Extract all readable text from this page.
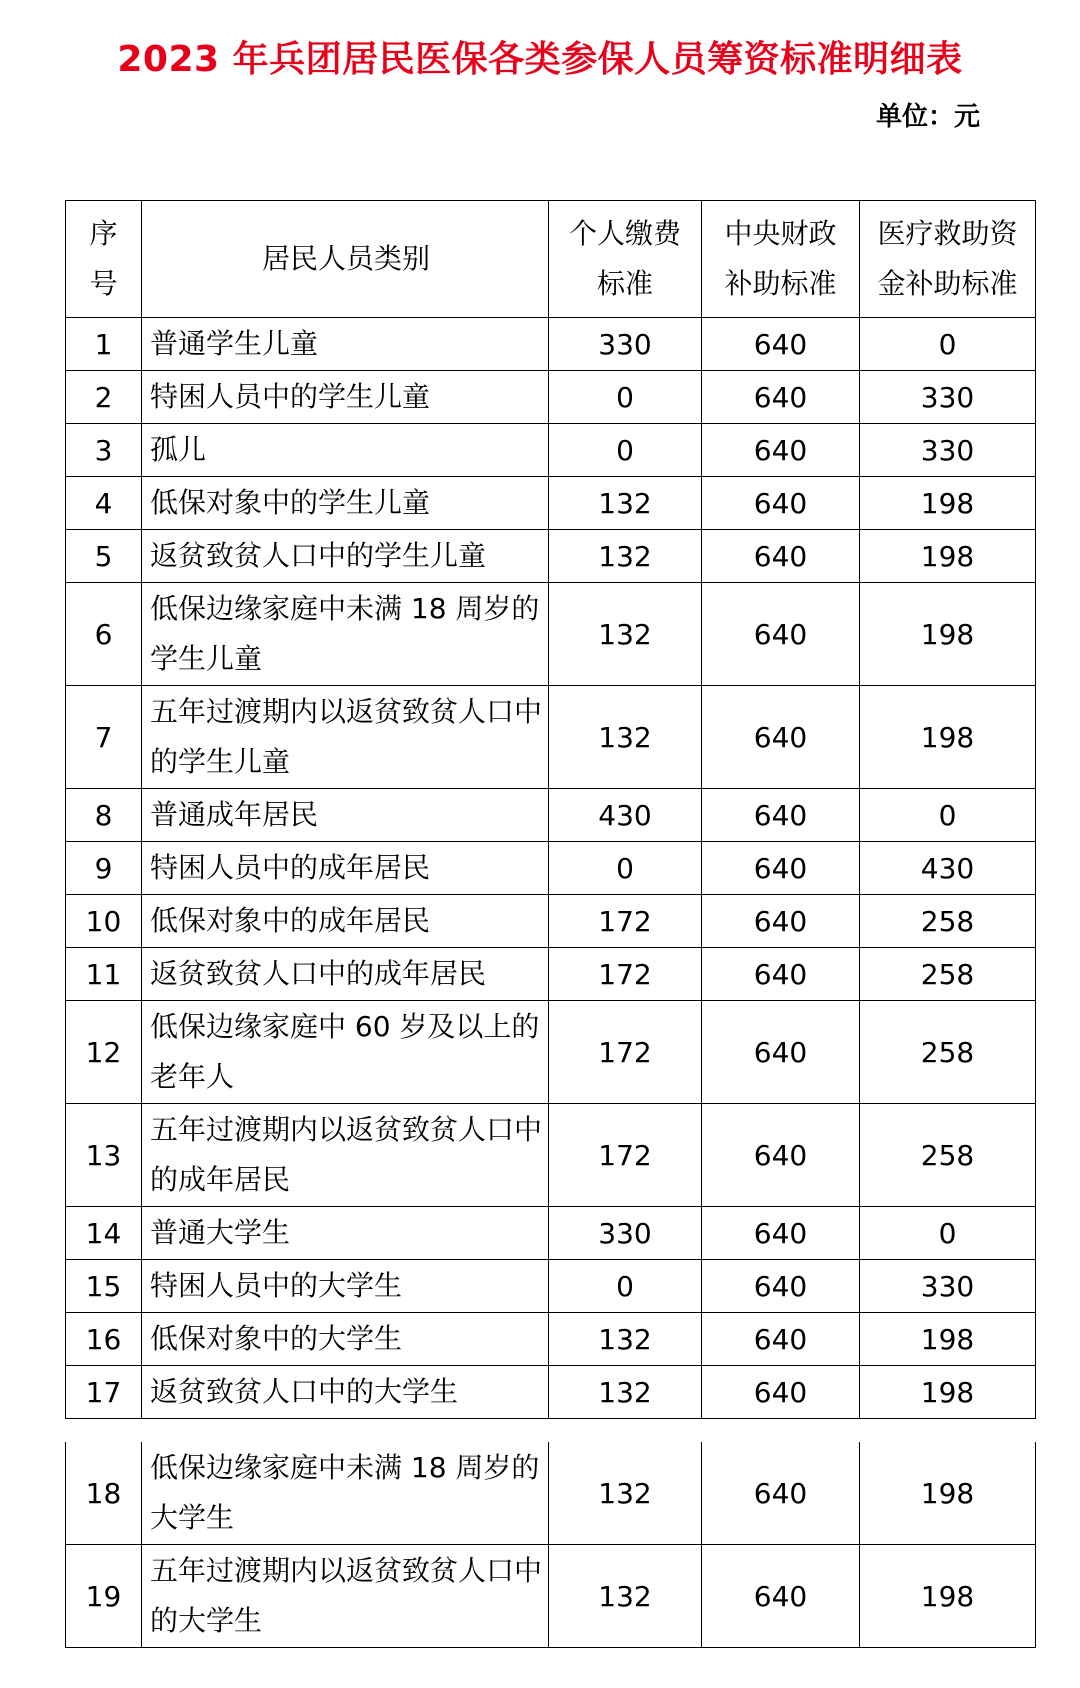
2023 年兵团居民医保各类参保人员筹资标准明细表
单位：元
序号	居民人员类别	个人缴费标准	中央财政补助标准	医疗救助资金补助标准

1	普通学生儿童	330	640	0
2	特困人员中的学生儿童	0	640	330
3	孤儿	0	640	330
4	低保对象中的学生儿童	132	640	198
5	返贫致贫人口中的学生儿童	132	640	198
6	低保边缘家庭中未满 18 周岁的学生儿童	132	640	198
7	五年过渡期内以返贫致贫人口中的学生儿童	132	640	198
8	普通成年居民	430	640	0
9	特困人员中的成年居民	0	640	430
10	低保对象中的成年居民	172	640	258
11	返贫致贫人口中的成年居民	172	640	258
12	低保边缘家庭中 60 岁及以上的老年人	172	640	258
13	五年过渡期内以返贫致贫人口中的成年居民	172	640	258
14	普通大学生	330	640	0
15	特困人员中的大学生	0	640	330
16	低保对象中的大学生	132	640	198
17	返贫致贫人口中的大学生	132	640	198
18	低保边缘家庭中未满 18 周岁的大学生	132	640	198
19	五年过渡期内以返贫致贫人口中的大学生	132	640	198
